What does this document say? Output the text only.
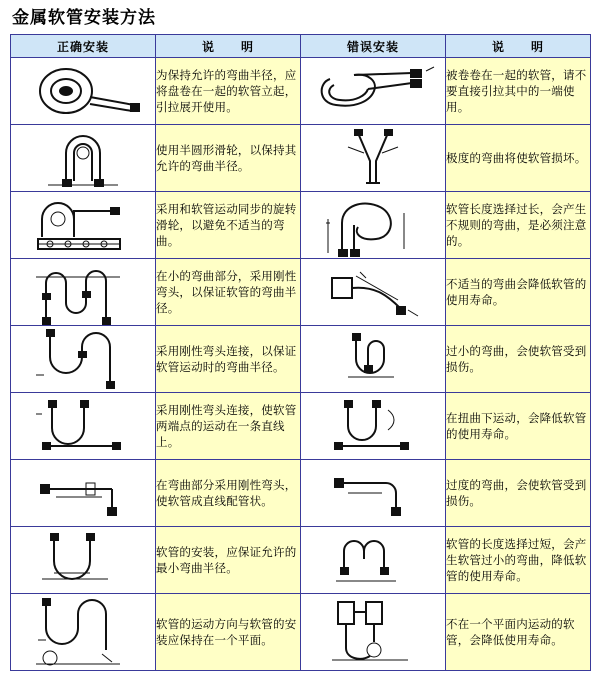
金属软管安装方法
正确安装	说　　明	错误安装	说　　明

	为保持允许的弯曲半径，应将盘卷在一起的软管立起，引拉展开使用。		被卷卷在一起的软管，请不要直接引拉其中的一端使用。

	使用半圆形滑轮，以保持其允许的弯曲半径。		极度的弯曲将使软管损坏。

	采用和软管运动同步的旋转滑轮，以避免不适当的弯曲。		软管长度选择过长，会产生不规则的弯曲，是必须注意的。

	在小的弯曲部分，采用刚性弯头，以保证软管的弯曲半径。		不适当的弯曲会降低软管的使用寿命。

	采用刚性弯头连接，以保证软管运动时的弯曲半径。		过小的弯曲，会使软管受到损伤。

	采用刚性弯头连接，使软管两端点的运动在一条直线上。		在扭曲下运动，会降低软管的使用寿命。

	在弯曲部分采用刚性弯头，使软管成直线配管状。		过度的弯曲，会使软管受到损伤。

	软管的安装，应保证允许的最小弯曲半径。		软管的长度选择过短，会产生软管过小的弯曲，降低软管的使用寿命。

	软管的运动方向与软管的安装应保持在一个平面。		不在一个平面内运动的软管，会降低使用寿命。
